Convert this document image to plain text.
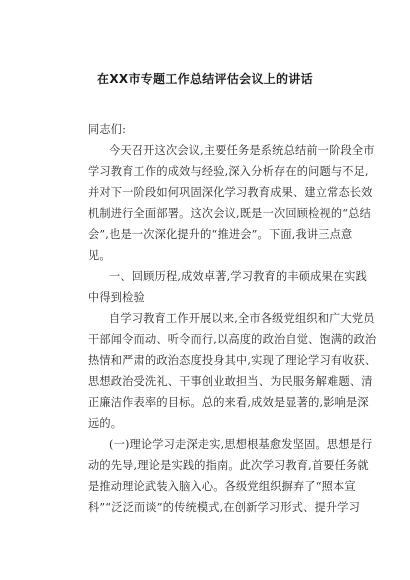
在XX市专题工作总结评估会议上的讲话
同志们:
今天召开这次会议,主要任务是系统总结前一阶段全市
学习教育工作的成效与经验,深入分析存在的问题与不足,
并对下一阶段如何巩固深化学习教育成果、建立常态长效
机制进行全面部署。这次会议,既是一次回顾检视的“总结
会”,也是一次深化提升的“推进会”。下面,我讲三点意
见。
一、回顾历程,成效卓著,学习教育的丰硕成果在实践
中得到检验
自学习教育工作开展以来,全市各级党组织和广大党员
干部闻令而动、听令而行,以高度的政治自觉、饱满的政治
热情和严肃的政治态度投身其中,实现了理论学习有收获、
思想政治受洗礼、干事创业敢担当、为民服务解难题、清
正廉洁作表率的目标。总的来看,成效是显著的,影响是深
远的。
(一)理论学习走深走实,思想根基愈发坚固。思想是行
动的先导,理论是实践的指南。此次学习教育,首要任务就
是推动理论武装入脑入心。各级党组织摒弃了“照本宣
科”“泛泛而谈”的传统模式,在创新学习形式、提升学习
